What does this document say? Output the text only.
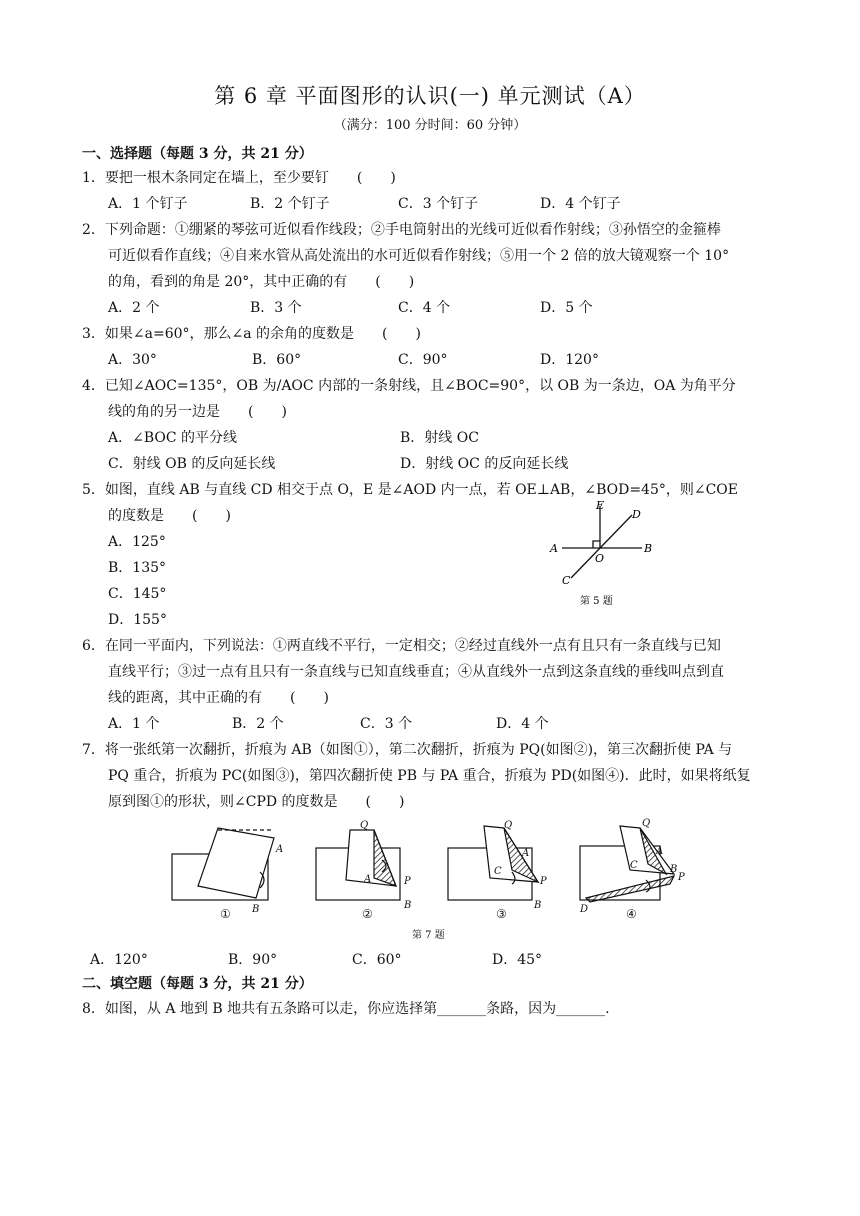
第 6 章 平面图形的认识(一) 单元测试（A）
（满分：100 分时间：60 分钟）
一、选择题（每题 3 分，共 21 分）
1．要把一根木条同定在墙上，至少要钉　　(　　)
A．1 个钉子	B．2 个钉子	C．3 个钉子	D．4 个钉子
2．下列命题：①绷紧的琴弦可近似看作线段；②手电筒射出的光线可近似看作射线；③孙悟空的金箍棒
可近似看作直线；④自来水管从高处流出的水可近似看作射线；⑤用一个 2 倍的放大镜观察一个 10°
的角，看到的角是 20°，其中正确的有　　(　　)
A．2 个	B．3 个	C．4 个	D．5 个
3．如果∠a=60°，那么∠a 的余角的度数是　　(　　)
A．30°	B．60°	C．90°	D．120°
4．已知∠AOC=135°，OB 为/AOC 内部的一条射线，且∠BOC=90°，以 OB 为一条边，OA 为角平分
线的角的另一边是　　(　　)
A．∠BOC 的平分线	B．射线 OC
C．射线 OB 的反向延长线	D．射线 OC 的反向延长线
5．如图，直线 AB 与直线 CD 相交于点 O，E 是∠AOD 内一点，若 OE⊥AB，∠BOD=45°，则∠COE
的度数是　　(　　)
A．125°
B．135°
C．145°
D．155°
E
D
A	B
O
C
第 5 题
6．在同一平面内，下列说法：①两直线不平行，一定相交；②经过直线外一点有且只有一条直线与已知
直线平行；③过一点有且只有一条直线与已知直线垂直；④从直线外一点到这条直线的垂线叫点到直
线的距离，其中正确的有　　(　　)
A．1 个	B．2 个	C．3 个	D．4 个
7．将一张纸第一次翻折，折痕为 AB（如图①），第二次翻折，折痕为 PQ(如图②)，第三次翻折使 PA 与
PQ 重合，折痕为 PC(如图③)，第四次翻折使 PB 与 PA 重合，折痕为 PD(如图④)．此时，如果将纸复
原到图①的形状，则∠CPD 的度数是　　(　　)
A
B
①
Q
A	P
B
②
Q
A
C
P
B
③
Q
A
C	B
P
D	④
第 7 题
A．120°	B．90°	C．60°	D．45°
二、填空题（每题 3 分，共 21 分）
8．如图，从 A 地到 B 地共有五条路可以走，你应选择第_______条路，因为_______.
